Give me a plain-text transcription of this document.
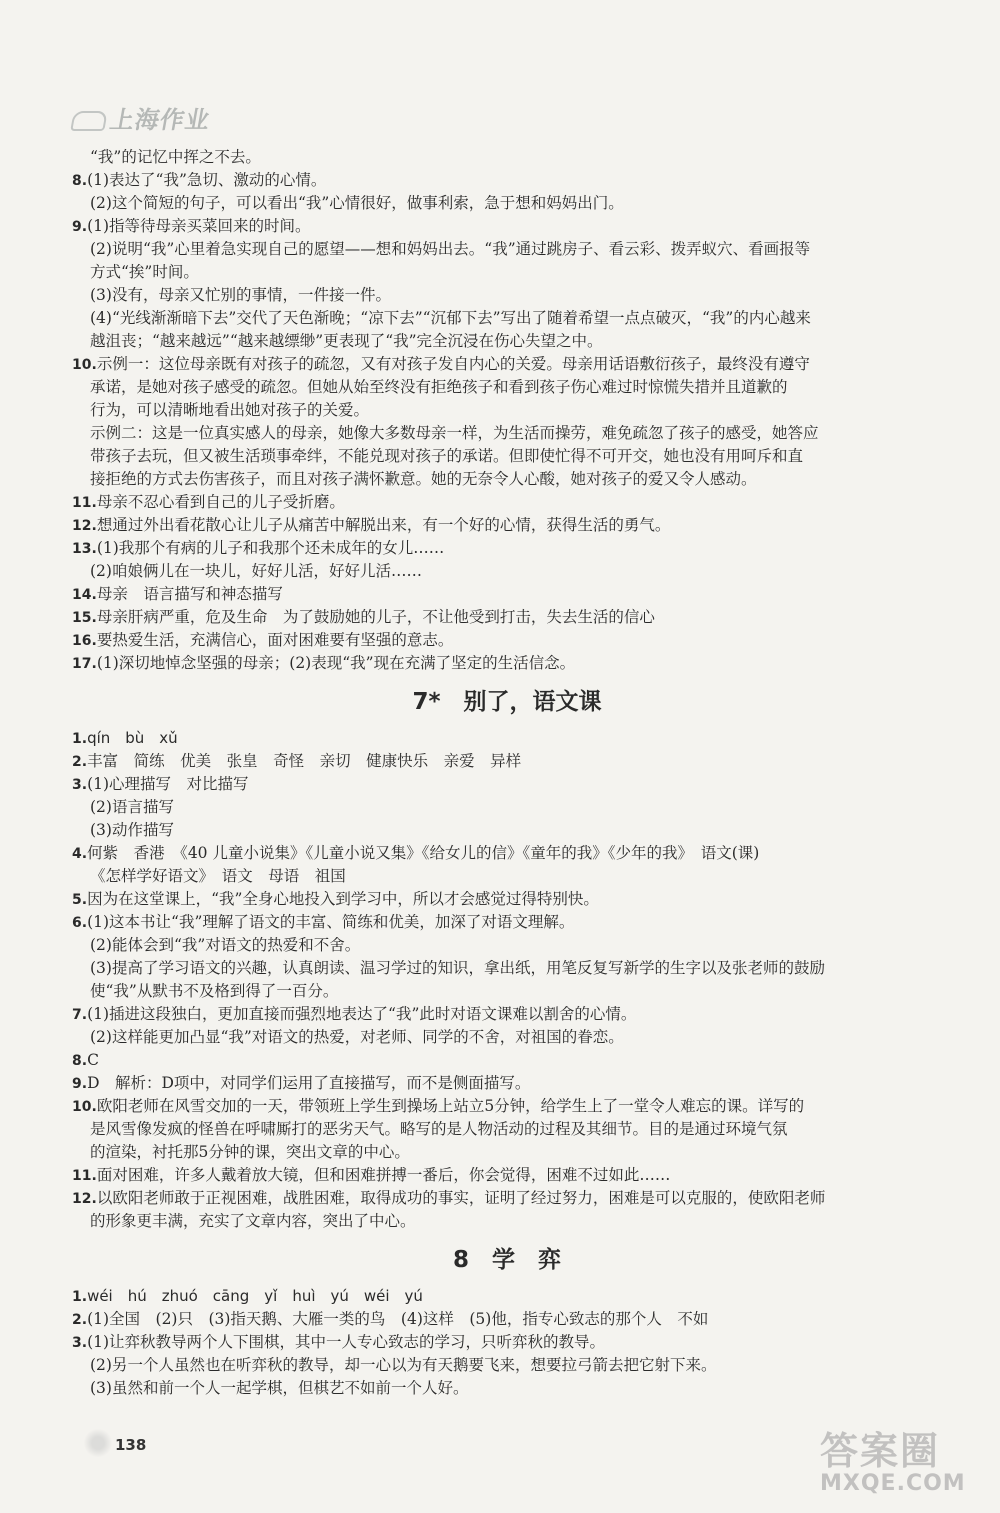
上海作业
“我”的记忆中挥之不去。
8.(1)表达了“我”急切、激动的心情。
(2)这个简短的句子，可以看出“我”心情很好，做事利索，急于想和妈妈出门。
9.(1)指等待母亲买菜回来的时间。
(2)说明“我”心里着急实现自己的愿望——想和妈妈出去。“我”通过跳房子、看云彩、拨弄蚁穴、看画报等
方式“挨”时间。
(3)没有，母亲又忙别的事情，一件接一件。
(4)“光线渐渐暗下去”交代了天色渐晚；“凉下去”“沉郁下去”写出了随着希望一点点破灭，“我”的内心越来
越沮丧；“越来越远”“越来越缥缈”更表现了“我”完全沉浸在伤心失望之中。
10.示例一：这位母亲既有对孩子的疏忽，又有对孩子发自内心的关爱。母亲用话语敷衍孩子，最终没有遵守
承诺，是她对孩子感受的疏忽。但她从始至终没有拒绝孩子和看到孩子伤心难过时惊慌失措并且道歉的
行为，可以清晰地看出她对孩子的关爱。
示例二：这是一位真实感人的母亲，她像大多数母亲一样，为生活而操劳，难免疏忽了孩子的感受，她答应
带孩子去玩，但又被生活琐事牵绊，不能兑现对孩子的承诺。但即使忙得不可开交，她也没有用呵斥和直
接拒绝的方式去伤害孩子，而且对孩子满怀歉意。她的无奈令人心酸，她对孩子的爱又令人感动。
11.母亲不忍心看到自己的儿子受折磨。
12.想通过外出看花散心让儿子从痛苦中解脱出来，有一个好的心情，获得生活的勇气。
13.(1)我那个有病的儿子和我那个还未成年的女儿……
(2)咱娘俩儿在一块儿，好好儿活，好好儿活……
14.母亲　语言描写和神态描写
15.母亲肝病严重，危及生命　为了鼓励她的儿子，不让他受到打击，失去生活的信心
16.要热爱生活，充满信心，面对困难要有坚强的意志。
17.(1)深切地悼念坚强的母亲；(2)表现“我”现在充满了坚定的生活信念。
7*　别了，语文课
1.qín　bù　xǔ
2.丰富　简练　优美　张皇　奇怪　亲切　健康快乐　亲爱　异样
3.(1)心理描写　对比描写
(2)语言描写
(3)动作描写
4.何紫　香港　《40 儿童小说集》《儿童小说又集》《给女儿的信》《童年的我》《少年的我》　语文(课)
《怎样学好语文》　语文　母语　祖国
5.因为在这堂课上，“我”全身心地投入到学习中，所以才会感觉过得特别快。
6.(1)这本书让“我”理解了语文的丰富、简练和优美，加深了对语文理解。
(2)能体会到“我”对语文的热爱和不舍。
(3)提高了学习语文的兴趣，认真朗读、温习学过的知识，拿出纸，用笔反复写新学的生字以及张老师的鼓励
使“我”从默书不及格到得了一百分。
7.(1)插进这段独白，更加直接而强烈地表达了“我”此时对语文课难以割舍的心情。
(2)这样能更加凸显“我”对语文的热爱，对老师、同学的不舍，对祖国的眷恋。
8.C
9.D　解析：D项中，对同学们运用了直接描写，而不是侧面描写。
10.欧阳老师在风雪交加的一天，带领班上学生到操场上站立5分钟，给学生上了一堂令人难忘的课。详写的
是风雪像发疯的怪兽在呼啸厮打的恶劣天气。略写的是人物活动的过程及其细节。目的是通过环境气氛
的渲染，衬托那5分钟的课，突出文章的中心。
11.面对困难，许多人戴着放大镜，但和困难拼搏一番后，你会觉得，困难不过如此……
12.以欧阳老师敢于正视困难，战胜困难，取得成功的事实，证明了经过努力，困难是可以克服的，使欧阳老师
的形象更丰满，充实了文章内容，突出了中心。
8　学　弈
1.wéi　hú　zhuó　cāng　yǐ　huì　yú　wéi　yú
2.(1)全国　(2)只　(3)指天鹅、大雁一类的鸟　(4)这样　(5)他，指专心致志的那个人　不如
3.(1)让弈秋教导两个人下围棋，其中一人专心致志的学习，只听弈秋的教导。
(2)另一个人虽然也在听弈秋的教导，却一心以为有天鹅要飞来，想要拉弓箭去把它射下来。
(3)虽然和前一个人一起学棋，但棋艺不如前一个人好。
138	答案圈
MXQE.COM
